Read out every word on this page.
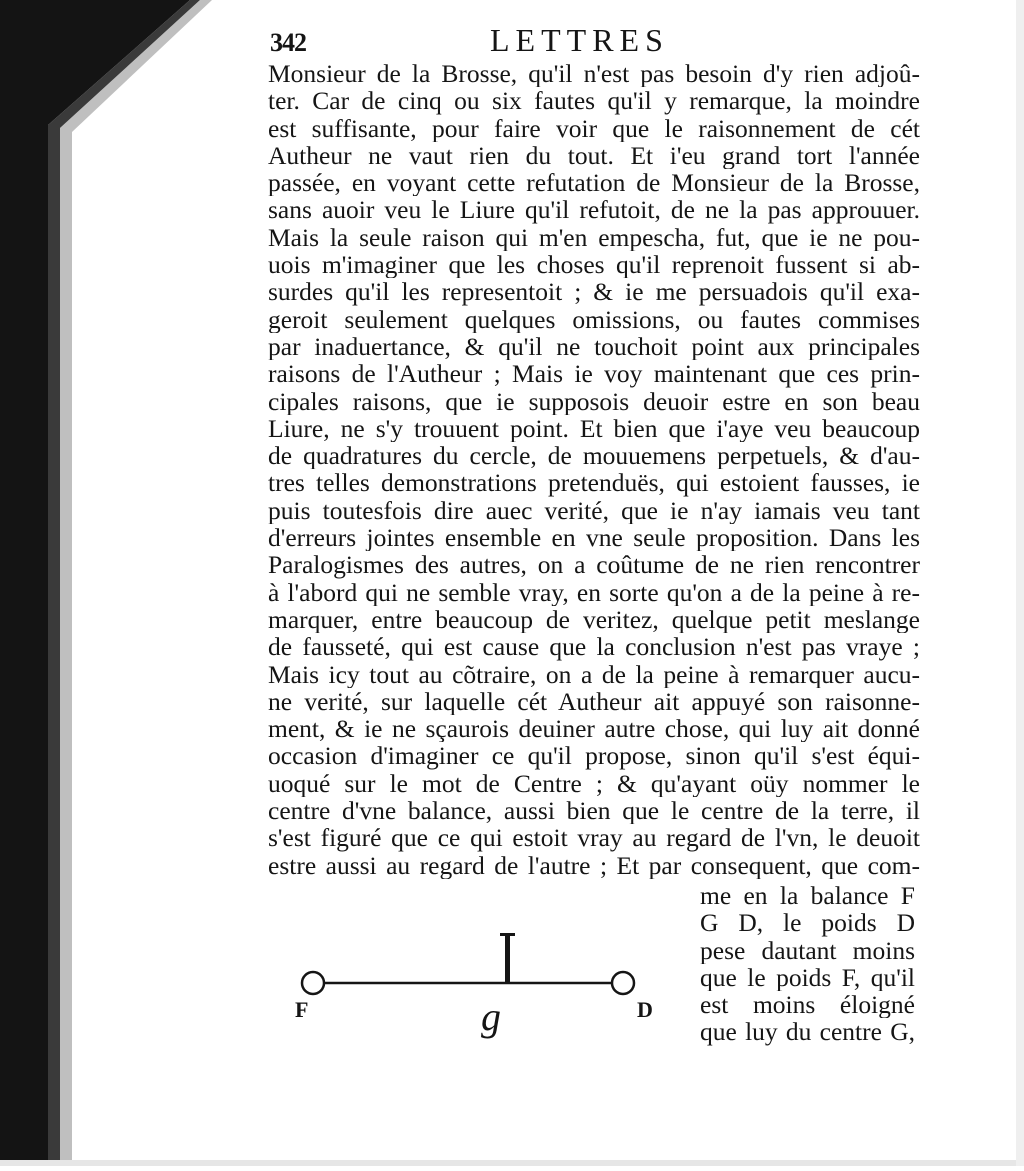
342	LETTRES
Monsieur de la Brosse, qu'il n'est pas besoin d'y rien adjoû-
ter. Car de cinq ou six fautes qu'il y remarque, la moindre
est suffisante, pour faire voir que le raisonnement de cét
Autheur ne vaut rien du tout. Et i'eu grand tort l'année
passée, en voyant cette refutation de Monsieur de la Brosse,
sans auoir veu le Liure qu'il refutoit, de ne la pas approuuer.
Mais la seule raison qui m'en empescha, fut, que ie ne pou-
uois m'imaginer que les choses qu'il reprenoit fussent si ab-
surdes qu'il les representoit ; & ie me persuadois qu'il exa-
geroit seulement quelques omissions, ou fautes commises
par inaduertance, & qu'il ne touchoit point aux principales
raisons de l'Autheur ; Mais ie voy maintenant que ces prin-
cipales raisons, que ie supposois deuoir estre en son beau
Liure, ne s'y trouuent point. Et bien que i'aye veu beaucoup
de quadratures du cercle, de mouuemens perpetuels, & d'au-
tres telles demonstrations pretenduës, qui estoient fausses, ie
puis toutesfois dire auec verité, que ie n'ay iamais veu tant
d'erreurs jointes ensemble en vne seule proposition. Dans les
Paralogismes des autres, on a coûtume de ne rien rencontrer
à l'abord qui ne semble vray, en sorte qu'on a de la peine à re-
marquer, entre beaucoup de veritez, quelque petit meslange
de fausseté, qui est cause que la conclusion n'est pas vraye ;
Mais icy tout au cõtraire, on a de la peine à remarquer aucu-
ne verité, sur laquelle cét Autheur ait appuyé son raisonne-
ment, & ie ne sçaurois deuiner autre chose, qui luy ait donné
occasion d'imaginer ce qu'il propose, sinon qu'il s'est équi-
uoqué sur le mot de Centre ; & qu'ayant oüy nommer le
centre d'vne balance, aussi bien que le centre de la terre, il
s'est figuré que ce qui estoit vray au regard de l'vn, le deuoit
estre aussi au regard de l'autre ; Et par consequent, que com-
me en la balance F
G D, le poids D
pese dautant moins
que le poids F, qu'il
est moins éloigné
que luy du centre G,
F	g	D
